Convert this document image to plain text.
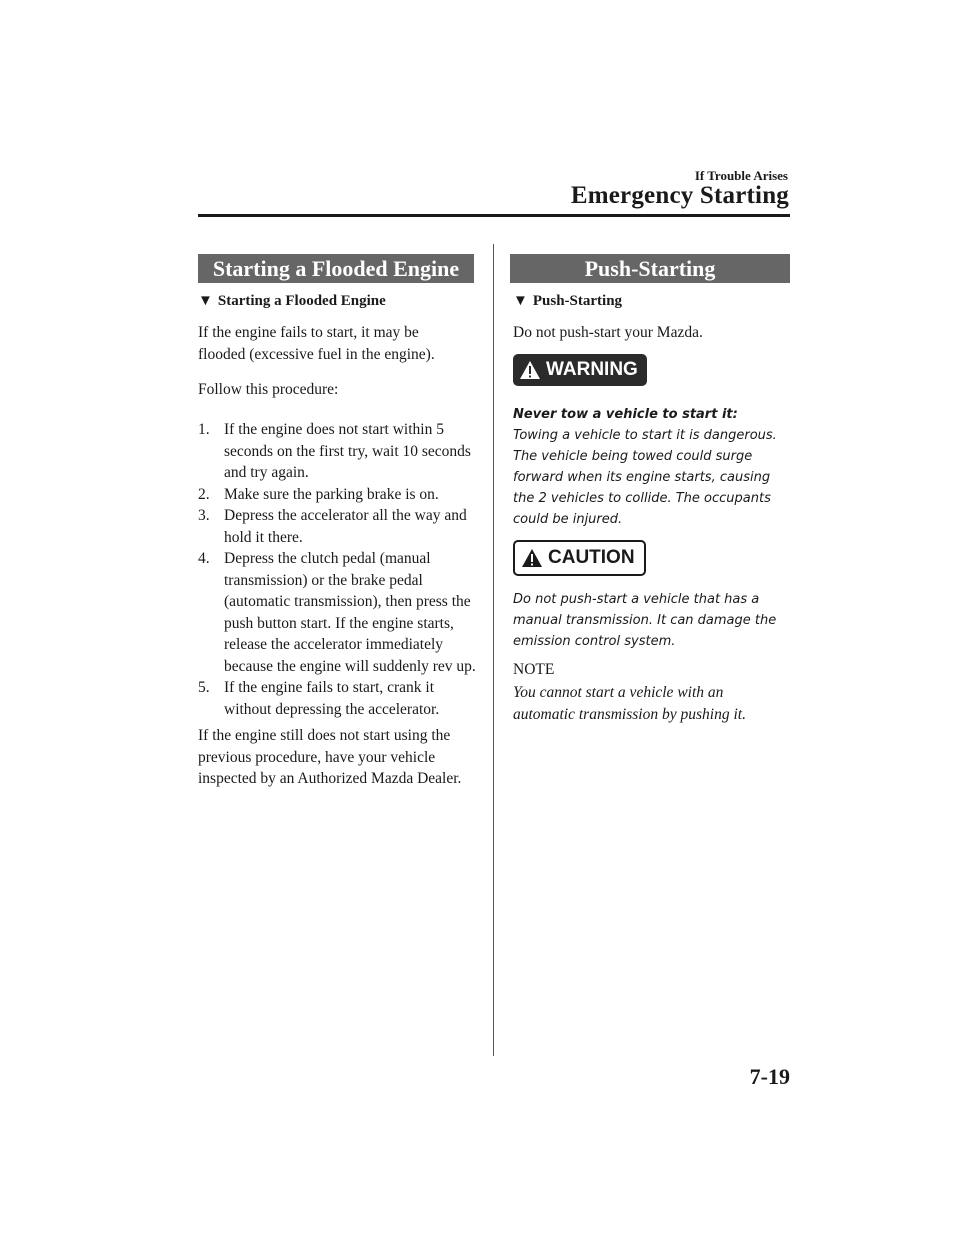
If Trouble Arises
Emergency Starting
Starting a Flooded Engine
▼ Starting a Flooded Engine
If the engine fails to start, it may be flooded (excessive fuel in the engine).
Follow this procedure:
1. If the engine does not start within 5 seconds on the first try, wait 10 seconds and try again.
2. Make sure the parking brake is on.
3. Depress the accelerator all the way and hold it there.
4. Depress the clutch pedal (manual transmission) or the brake pedal (automatic transmission), then press the push button start. If the engine starts, release the accelerator immediately because the engine will suddenly rev up.
5. If the engine fails to start, crank it without depressing the accelerator.
If the engine still does not start using the previous procedure, have your vehicle inspected by an Authorized Mazda Dealer.
Push-Starting
▼ Push-Starting
Do not push-start your Mazda.
WARNING
Never tow a vehicle to start it:
Towing a vehicle to start it is dangerous. The vehicle being towed could surge forward when its engine starts, causing the 2 vehicles to collide. The occupants could be injured.
CAUTION
Do not push-start a vehicle that has a manual transmission. It can damage the emission control system.
NOTE
You cannot start a vehicle with an automatic transmission by pushing it.
7-19
